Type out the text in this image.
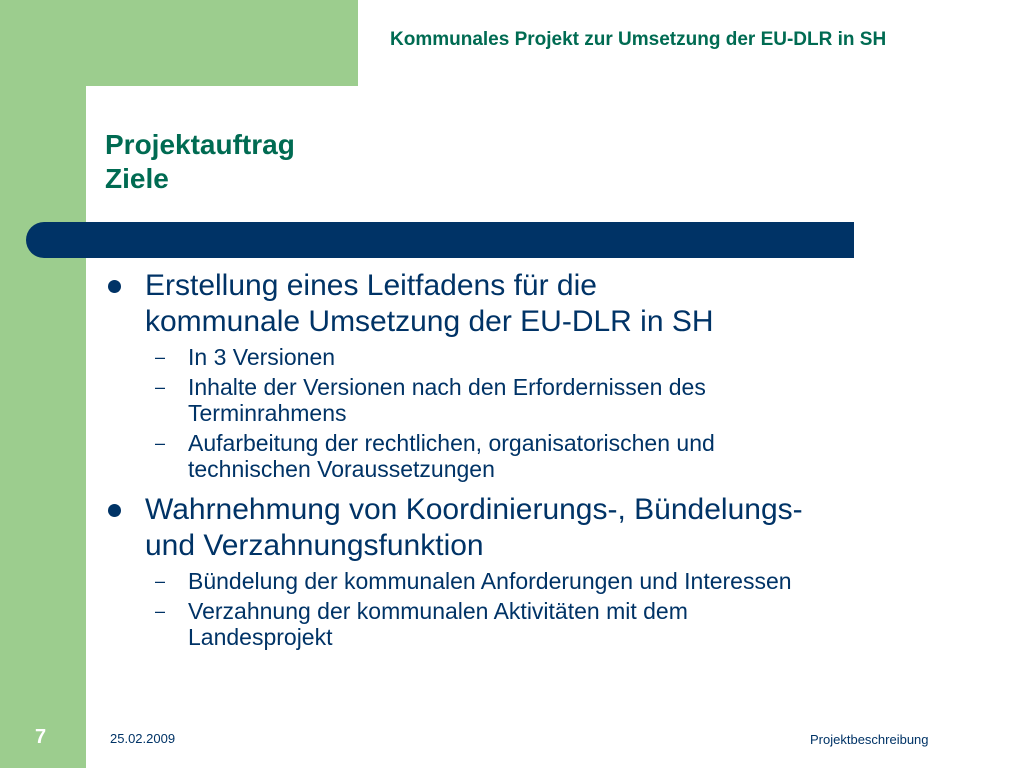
Kommunales Projekt zur Umsetzung der EU-DLR in SH
Projektauftrag
Ziele
Erstellung eines Leitfadens für die
kommunale Umsetzung der EU-DLR in SH
– In 3 Versionen
– Inhalte der Versionen nach den Erfordernissen des
Terminrahmens
– Aufarbeitung der rechtlichen, organisatorischen und
technischen Voraussetzungen
Wahrnehmung von Koordinierungs-, Bündelungs-
und Verzahnungsfunktion
– Bündelung der kommunalen Anforderungen und Interessen
– Verzahnung der kommunalen Aktivitäten mit dem
Landesprojekt
7	25.02.2009	Projektbeschreibung
